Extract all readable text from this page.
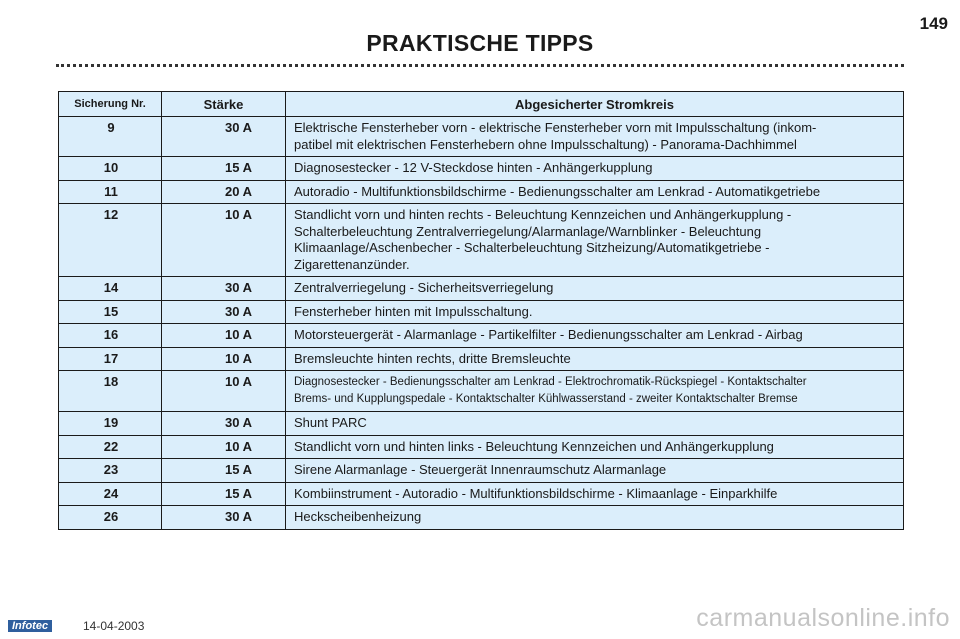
149
PRAKTISCHE TIPPS
Sicherung Nr.	Stärke	Abgesicherter Stromkreis
9	30 A	Elektrische Fensterheber vorn - elektrische Fensterheber vorn mit Impulsschaltung (inkom-
patibel mit elektrischen Fensterhebern ohne Impulsschaltung) - Panorama-Dachhimmel
10	15 A	Diagnosestecker - 12 V-Steckdose hinten - Anhängerkupplung
11	20 A	Autoradio - Multifunktionsbildschirme - Bedienungsschalter am Lenkrad - Automatikgetriebe
12	10 A	Standlicht vorn und hinten rechts - Beleuchtung Kennzeichen und Anhängerkupplung -
Schalterbeleuchtung Zentralverriegelung/Alarmanlage/Warnblinker - Beleuchtung
Klimaanlage/Aschenbecher - Schalterbeleuchtung Sitzheizung/Automatikgetriebe -
Zigarettenanzünder.
14	30 A	Zentralverriegelung - Sicherheitsverriegelung
15	30 A	Fensterheber hinten mit Impulsschaltung.
16	10 A	Motorsteuergerät - Alarmanlage - Partikelfilter - Bedienungsschalter am Lenkrad - Airbag
17	10 A	Bremsleuchte hinten rechts, dritte Bremsleuchte
18	10 A	Diagnosestecker - Bedienungsschalter am Lenkrad - Elektrochromatik-Rückspiegel - Kontaktschalter
Brems- und Kupplungspedale - Kontaktschalter Kühlwasserstand - zweiter Kontaktschalter Bremse
19	30 A	Shunt PARC
22	10 A	Standlicht vorn und hinten links - Beleuchtung Kennzeichen und Anhängerkupplung
23	15 A	Sirene Alarmanlage - Steuergerät Innenraumschutz Alarmanlage
24	15 A	Kombiinstrument - Autoradio - Multifunktionsbildschirme - Klimaanlage - Einparkhilfe
26	30 A	Heckscheibenheizung
Infotec	14-04-2003	carmanualsonline.info
